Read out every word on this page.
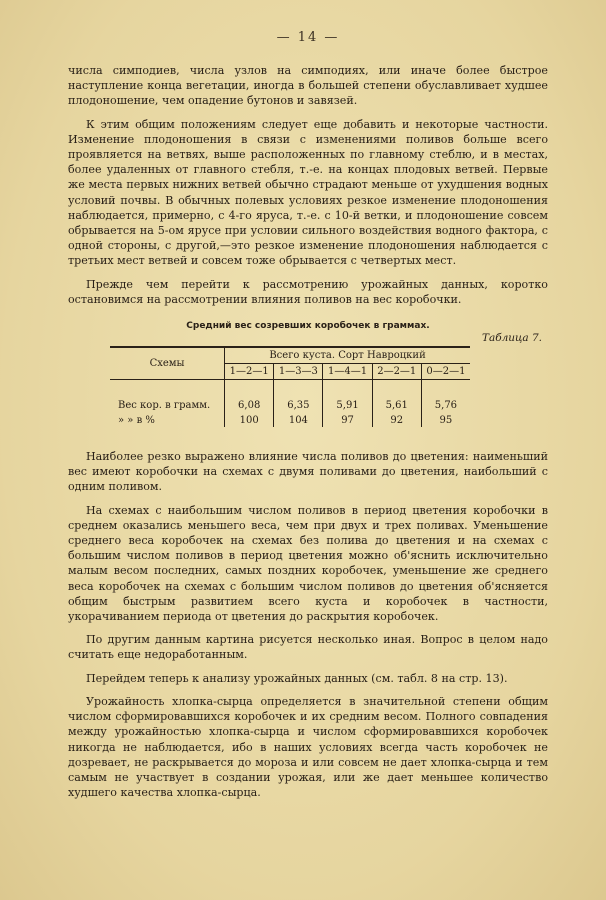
— 14 —

числа симподиев, числа узлов на симподиях, или иначе более быстрое наступление конца вегетации, иногда в большей степени обуславливает худшее плодоношение, чем опадение бутонов и завязей.

К этим общим положениям следует еще добавить и некоторые частности. Изменение плодоношения в связи с изменениями поливов больше всего проявляется на ветвях, выше расположенных по главному стеблю, и в местах, более удаленных от главного стебля, т.-е. на концах плодовых ветвей. Первые же места первых нижних ветвей обычно страдают меньше от ухудшения водных условий почвы. В обычных полевых условиях резкое изменение плодоношения наблюдается, примерно, с 4-го яруса, т.-е. с 10-й ветки, и плодоношение совсем обрывается на 5-ом ярусе при условии сильного воздействия водного фактора, с одной стороны, с другой,—это резкое изменение плодоношения наблюдается с третьих мест ветвей и совсем тоже обрывается с четвертых мест.

Прежде чем перейти к рассмотрению урожайных данных, коротко остановимся на рассмотрении влияния поливов на вес коробочки.

Средний вес созревших коробочек в граммах.
Таблица 7.
Схемы	Всего куста. Сорт Навроцкий				
	1—2—1	1—3—3	1—4—1	2—2—1	0—2—1
Вес кор. в грамм.	6,08	6,35	5,91	5,61	5,76
» » в %	100	104	97	92	95

Наиболее резко выражено влияние числа поливов до цветения: наименьший вес имеют коробочки на схемах с двумя поливами до цветения, наибольший с одним поливом.

На схемах с наибольшим числом поливов в период цветения коробочки в среднем оказались меньшего веса, чем при двух и трех поливах. Уменьшение среднего веса коробочек на схемах без полива до цветения и на схемах с большим числом поливов в период цветения можно об'яснить исключительно малым весом последних, самых поздних коробочек, уменьшение же среднего веса коробочек на схемах с большим числом поливов до цветения об'ясняется общим быстрым развитием всего куста и коробочек в частности, укорачиванием периода от цветения до раскрытия коробочек.

По другим данным картина рисуется несколько иная. Вопрос в целом надо считать еще недоработанным.

Перейдем теперь к анализу урожайных данных (см. табл. 8 на стр. 13).

Урожайность хлопка-сырца определяется в значительной степени общим числом сформировавшихся коробочек и их средним весом. Полного совпадения между урожайностью хлопка-сырца и числом сформировавшихся коробочек никогда не наблюдается, ибо в наших условиях всегда часть коробочек не дозревает, не раскрывается до мороза и или совсем не дает хлопка-сырца и тем самым не участвует в создании урожая, или же дает меньшее количество худшего качества хлопка-сырца.
